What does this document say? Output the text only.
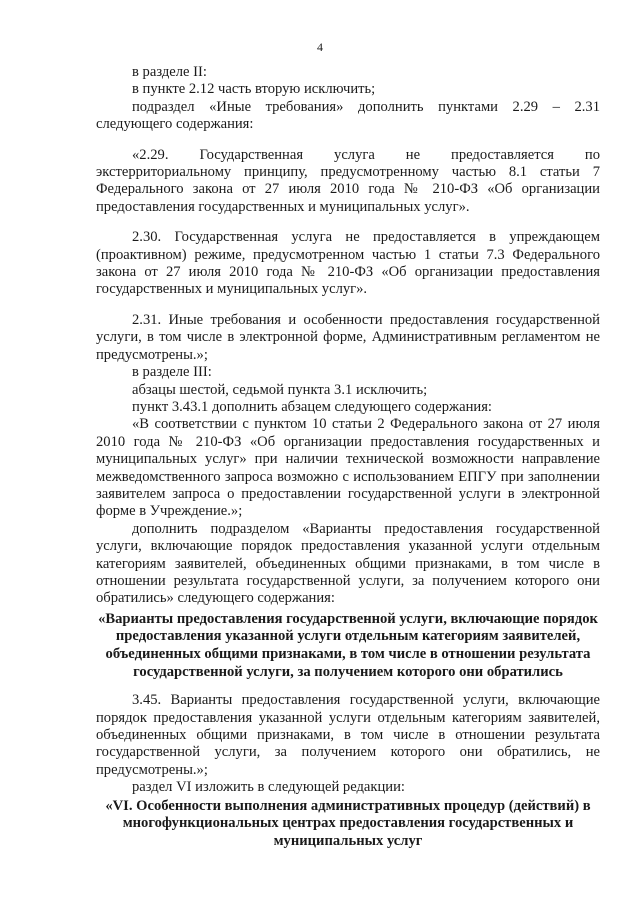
4

в разделе II:

в пункте 2.12 часть вторую исключить;

подраздел «Иные требования» дополнить пунктами 2.29 – 2.31 следующего содержания:

«2.29. Государственная услуга не предоставляется по экстерриториальному принципу, предусмотренному частью 8.1 статьи 7 Федерального закона от 27 июля 2010 года № 210-ФЗ «Об организации предоставления государственных и муниципальных услуг».

2.30. Государственная услуга не предоставляется в упреждающем (проактивном) режиме, предусмотренном частью 1 статьи 7.3 Федерального закона от 27 июля 2010 года № 210-ФЗ «Об организации предоставления государственных и муниципальных услуг».

2.31. Иные требования и особенности предоставления государственной услуги, в том числе в электронной форме, Административным регламентом не предусмотрены.»;

в разделе III:

абзацы шестой, седьмой пункта 3.1 исключить;

пункт 3.43.1 дополнить абзацем следующего содержания:

«В соответствии с пунктом 10 статьи 2 Федерального закона от 27 июля 2010 года № 210-ФЗ «Об организации предоставления государственных и муниципальных услуг» при наличии технической возможности направление межведомственного запроса возможно с использованием ЕПГУ при заполнении заявителем запроса о предоставлении государственной услуги в электронной форме в Учреждение.»;

дополнить подразделом «Варианты предоставления государственной услуги, включающие порядок предоставления указанной услуги отдельным категориям заявителей, объединенных общими признаками, в том числе в отношении результата государственной услуги, за получением которого они обратились» следующего содержания:

«Варианты предоставления государственной услуги, включающие порядок предоставления указанной услуги отдельным категориям заявителей, объединенных общими признаками, в том числе в отношении результата государственной услуги, за получением которого они обратились

3.45. Варианты предоставления государственной услуги, включающие порядок предоставления указанной услуги отдельным категориям заявителей, объединенных общими признаками, в том числе в отношении результата государственной услуги, за получением которого они обратились, не предусмотрены.»;

раздел VI изложить в следующей редакции:

«VI. Особенности выполнения административных процедур (действий) в многофункциональных центрах предоставления государственных и муниципальных услуг
